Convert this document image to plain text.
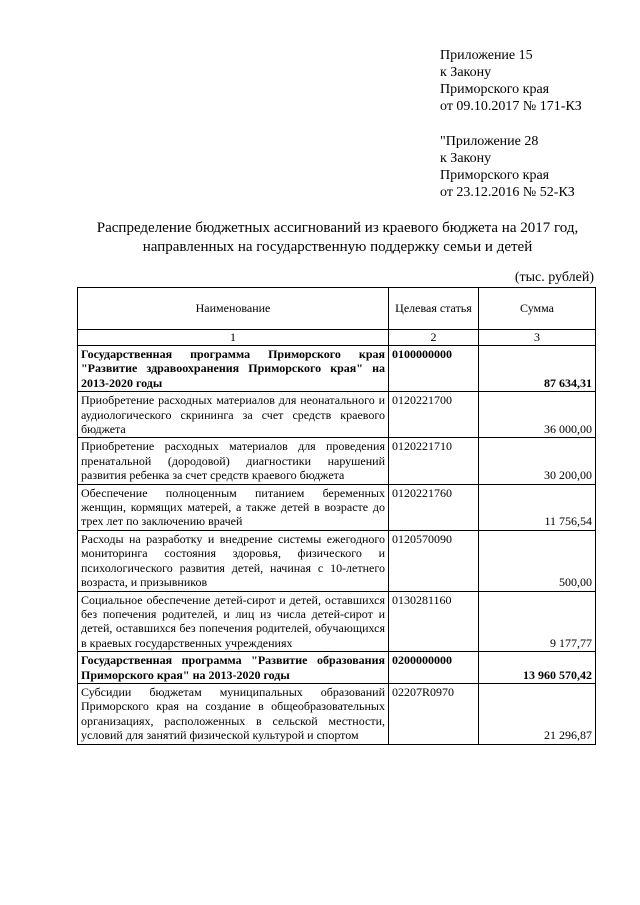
Приложение 15
к Закону
Приморского края
от 09.10.2017 № 171-КЗ
"Приложение 28
к Закону
Приморского края
от 23.12.2016 № 52-КЗ
Распределение бюджетных ассигнований из краевого бюджета на 2017 год,
направленных на государственную поддержку семьи и детей
(тыс. рублей)
Наименование	Целевая статья	Сумма
1	2	3
Государственная программа Приморского края "Развитие здравоохранения Приморского края" на 2013-2020 годы	0100000000	87 634,31
Приобретение расходных материалов для неонатального и аудиологического скрининга за счет средств краевого бюджета	0120221700	36 000,00
Приобретение расходных материалов для проведения пренатальной (дородовой) диагностики нарушений развития ребенка за счет средств краевого бюджета	0120221710	30 200,00
Обеспечение полноценным питанием беременных женщин, кормящих матерей, а также детей в возрасте до трех лет по заключению врачей	0120221760	11 756,54
Расходы на разработку и внедрение системы ежегодного мониторинга состояния здоровья, физического и психологического развития детей, начиная с 10-летнего возраста, и призывников	0120570090	500,00
Социальное обеспечение детей-сирот и детей, оставшихся без попечения родителей, и лиц из числа детей-сирот и детей, оставшихся без попечения родителей, обучающихся в краевых государственных учреждениях	0130281160	9 177,77
Государственная программа "Развитие образования Приморского края" на 2013-2020 годы	0200000000	13 960 570,42
Субсидии бюджетам муниципальных образований Приморского края на создание в общеобразовательных организациях, расположенных в сельской местности, условий для занятий физической культурой и спортом	02207R0970	21 296,87
